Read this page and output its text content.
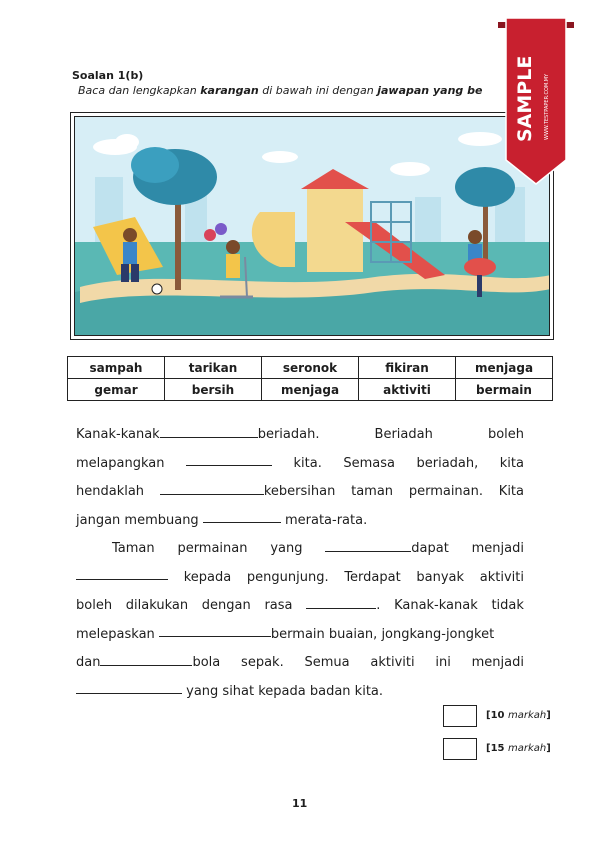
Soalan 1(b)
Baca dan lengkapkan karangan di bawah ini dengan jawapan yang be
sampah	tarikan	seronok	fikiran	menjaga
gemar	bersih	menjaga	aktiviti	bermain
Kanak-kanak	beriadah.	Beriadah	boleh
melapangkan	kita. Semasa beriadah, kita
hendaklah	kebersihan taman permainan. Kita
jangan membuang

	merata-rata.
Taman permainan yang	dapat menjadi
kepada pengunjung. Terdapat banyak aktiviti
boleh dilakukan dengan rasa	. Kanak-kanak tidak
melepaskan
	bermain buaian, jongkang-jongket
dan	bola sepak. Semua aktiviti ini menjadi

yang sihat kepada badan kita.
[10 markah]
[15 markah]
11
SAMPLE WWW.TESTPAPER.COM.MY
